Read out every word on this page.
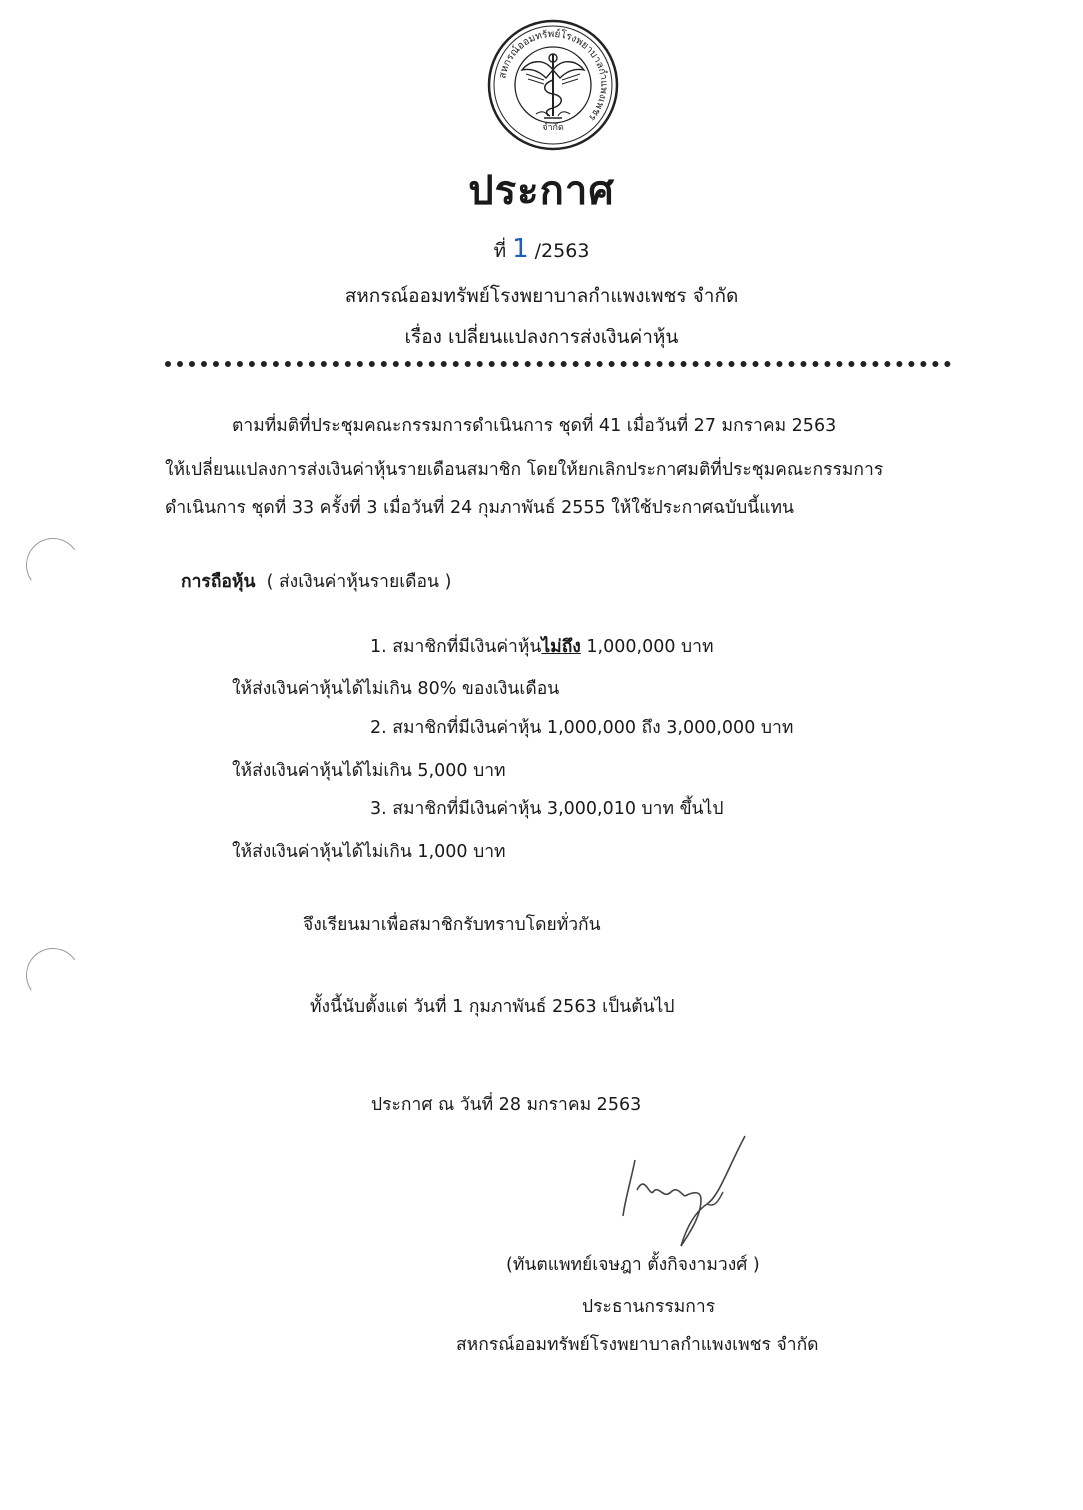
สหกรณ์ออมทรัพย์โรงพยาบาลกำแพงเพชร
จำกัด
ประกาศ
ที่ 1 /2563
สหกรณ์ออมทรัพย์โรงพยาบาลกำแพงเพชร จำกัด
เรื่อง เปลี่ยนแปลงการส่งเงินค่าหุ้น
ตามที่มติที่ประชุมคณะกรรมการดำเนินการ ชุดที่ 41 เมื่อวันที่ 27 มกราคม 2563
ให้เปลี่ยนแปลงการส่งเงินค่าหุ้นรายเดือนสมาชิก โดยให้ยกเลิกประกาศมติที่ประชุมคณะกรรมการ
ดำเนินการ ชุดที่ 33 ครั้งที่ 3 เมื่อวันที่ 24 กุมภาพันธ์ 2555 ให้ใช้ประกาศฉบับนี้แทน
การถือหุ้น ( ส่งเงินค่าหุ้นรายเดือน )
1. สมาชิกที่มีเงินค่าหุ้นไม่ถึง 1,000,000 บาท
ให้ส่งเงินค่าหุ้นได้ไม่เกิน 80% ของเงินเดือน
2. สมาชิกที่มีเงินค่าหุ้น 1,000,000 ถึง 3,000,000 บาท
ให้ส่งเงินค่าหุ้นได้ไม่เกิน 5,000 บาท
3. สมาชิกที่มีเงินค่าหุ้น 3,000,010 บาท ขึ้นไป
ให้ส่งเงินค่าหุ้นได้ไม่เกิน 1,000 บาท
จึงเรียนมาเพื่อสมาชิกรับทราบโดยทั่วกัน
ทั้งนี้นับตั้งแต่ วันที่ 1 กุมภาพันธ์ 2563 เป็นต้นไป
ประกาศ ณ วันที่ 28 มกราคม 2563
(ทันตแพทย์เจษฎา ตั้งกิจงามวงศ์ )
ประธานกรรมการ
สหกรณ์ออมทรัพย์โรงพยาบาลกำแพงเพชร จำกัด
